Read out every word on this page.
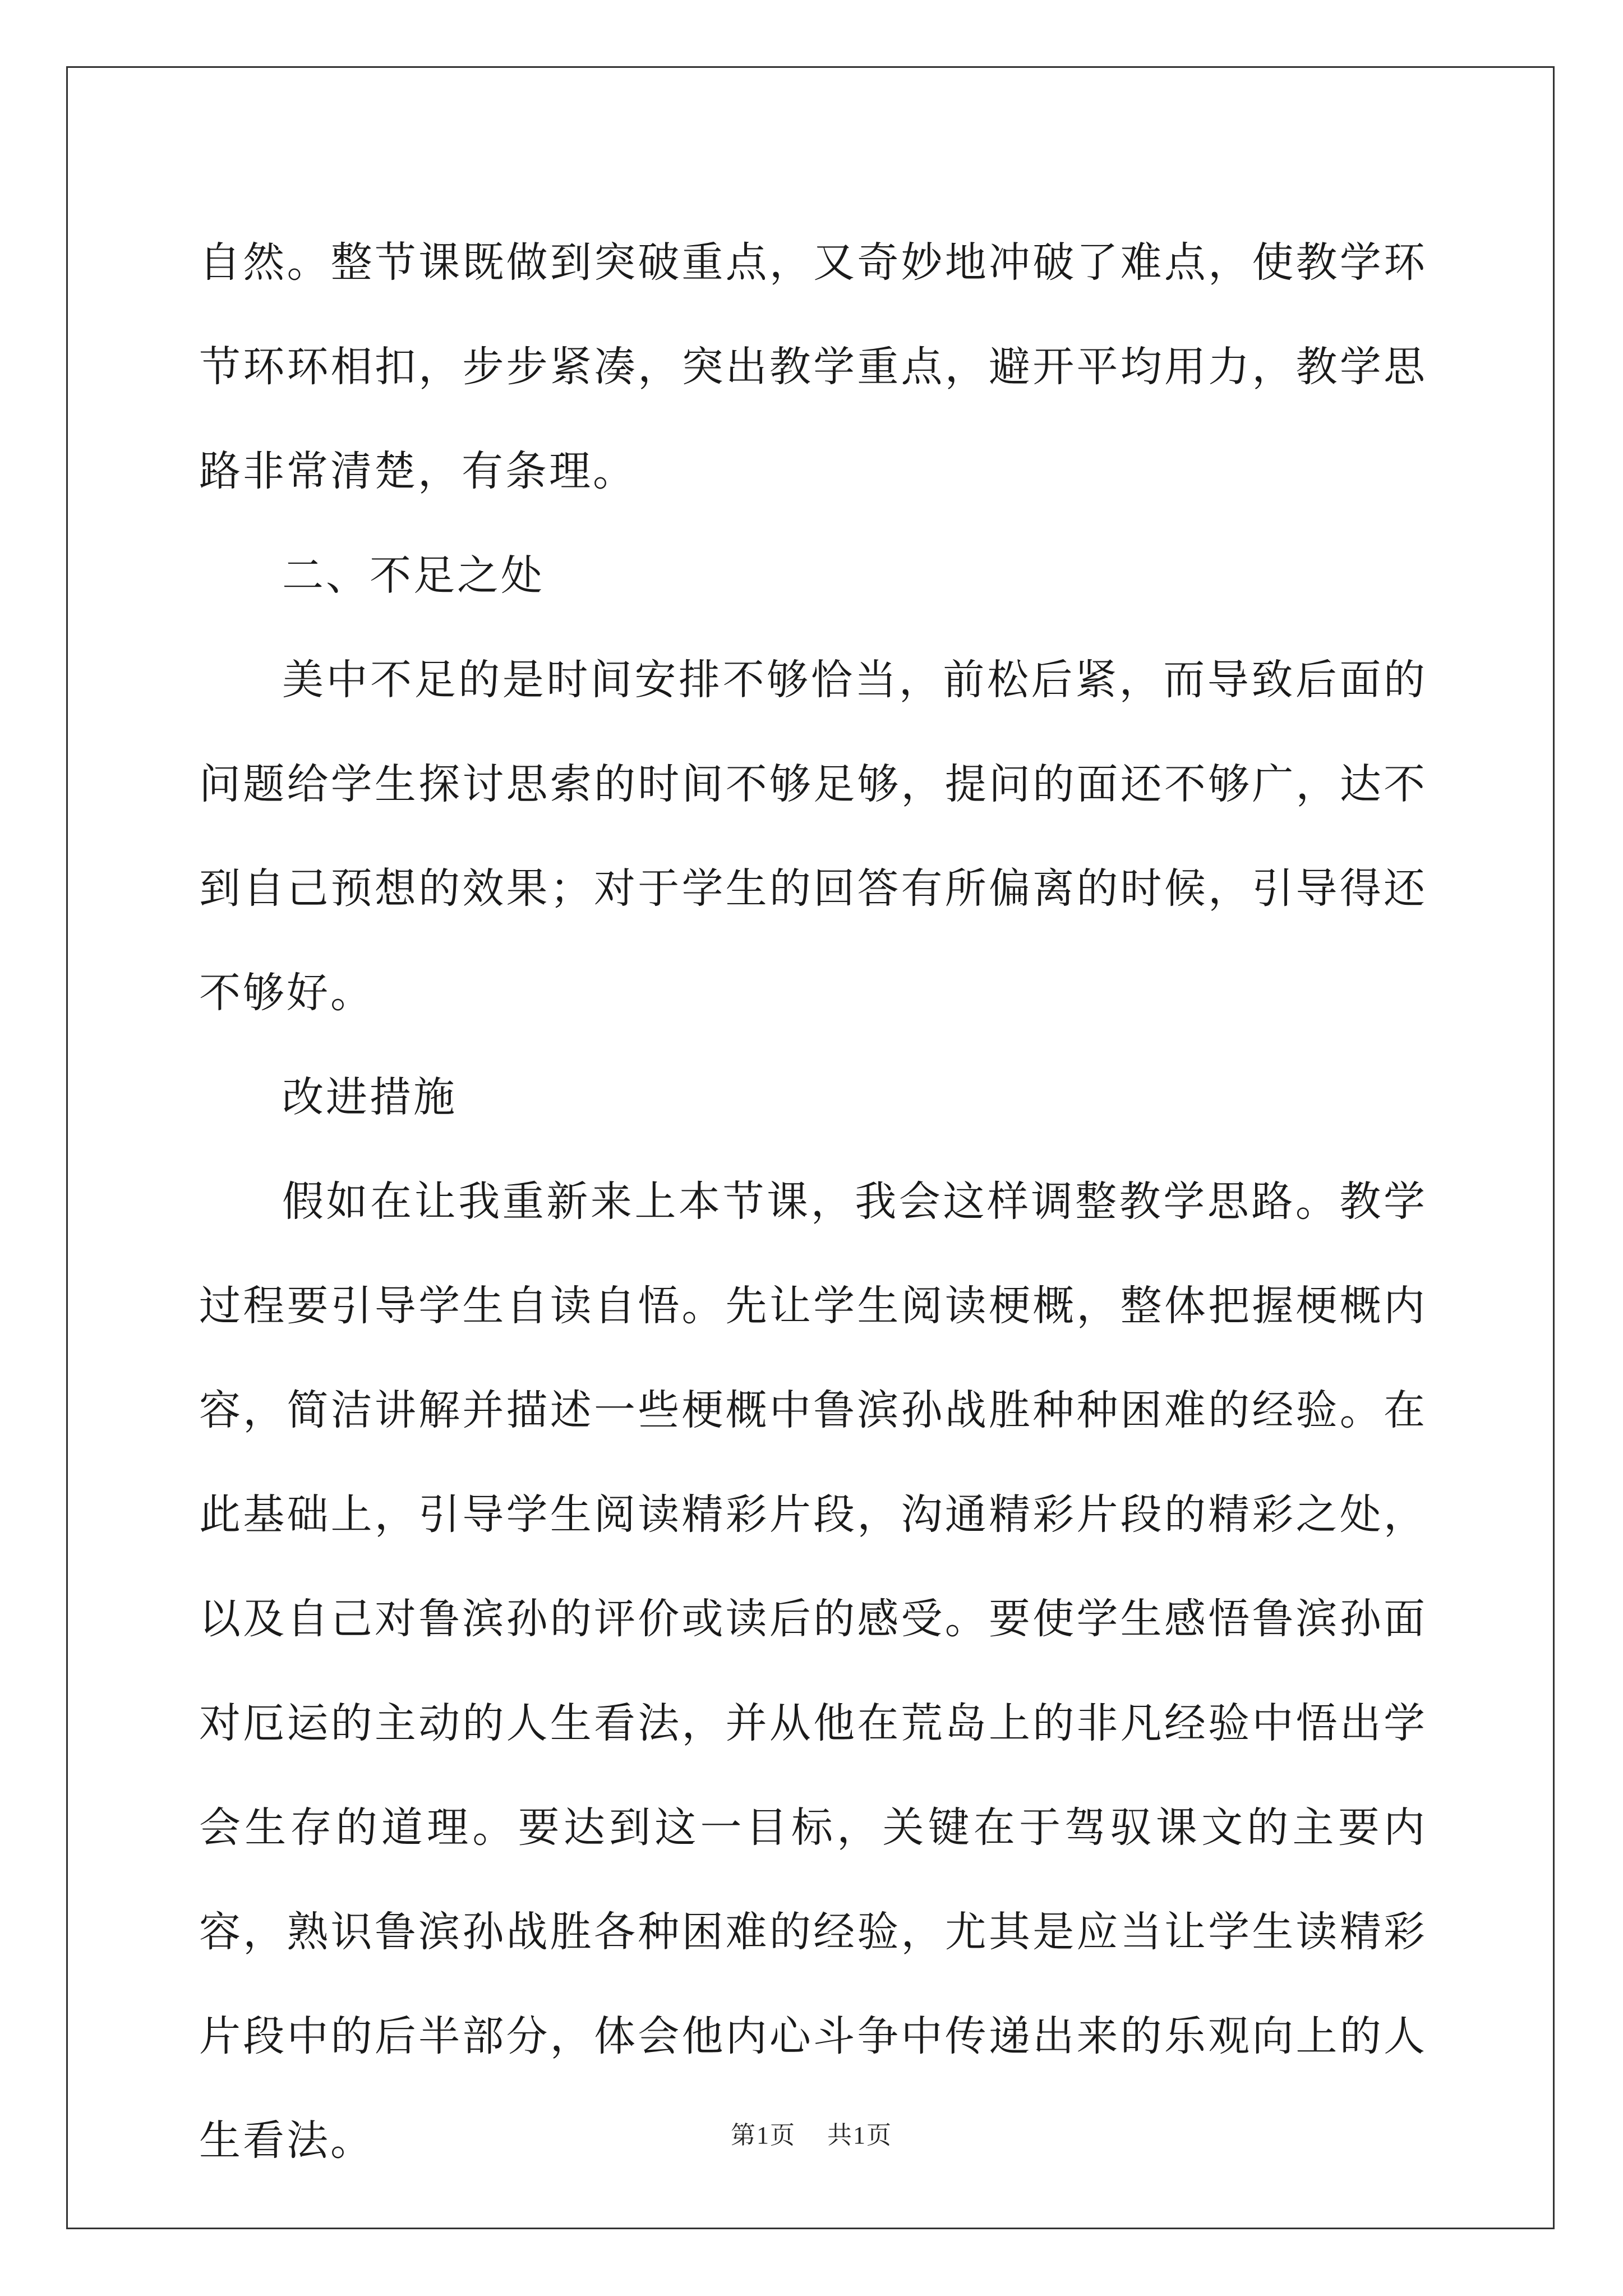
自然。整节课既做到突破重点，又奇妙地冲破了难点，使教学环节环环相扣，步步紧凑，突出教学重点，避开平均用力，教学思路非常清楚，有条理。

二、不足之处

美中不足的是时间安排不够恰当，前松后紧，而导致后面的问题给学生探讨思索的时间不够足够，提问的面还不够广，达不到自己预想的效果；对于学生的回答有所偏离的时候，引导得还不够好。

改进措施

假如在让我重新来上本节课，我会这样调整教学思路。教学过程要引导学生自读自悟。先让学生阅读梗概，整体把握梗概内容，简洁讲解并描述一些梗概中鲁滨孙战胜种种困难的经验。在此基础上，引导学生阅读精彩片段，沟通精彩片段的精彩之处，以及自己对鲁滨孙的评价或读后的感受。要使学生感悟鲁滨孙面对厄运的主动的人生看法，并从他在荒岛上的非凡经验中悟出学会生存的道理。要达到这一目标，关键在于驾驭课文的主要内容，熟识鲁滨孙战胜各种困难的经验，尤其是应当让学生读精彩片段中的后半部分，体会他内心斗争中传递出来的乐观向上的人生看法。	第1页 共1页
